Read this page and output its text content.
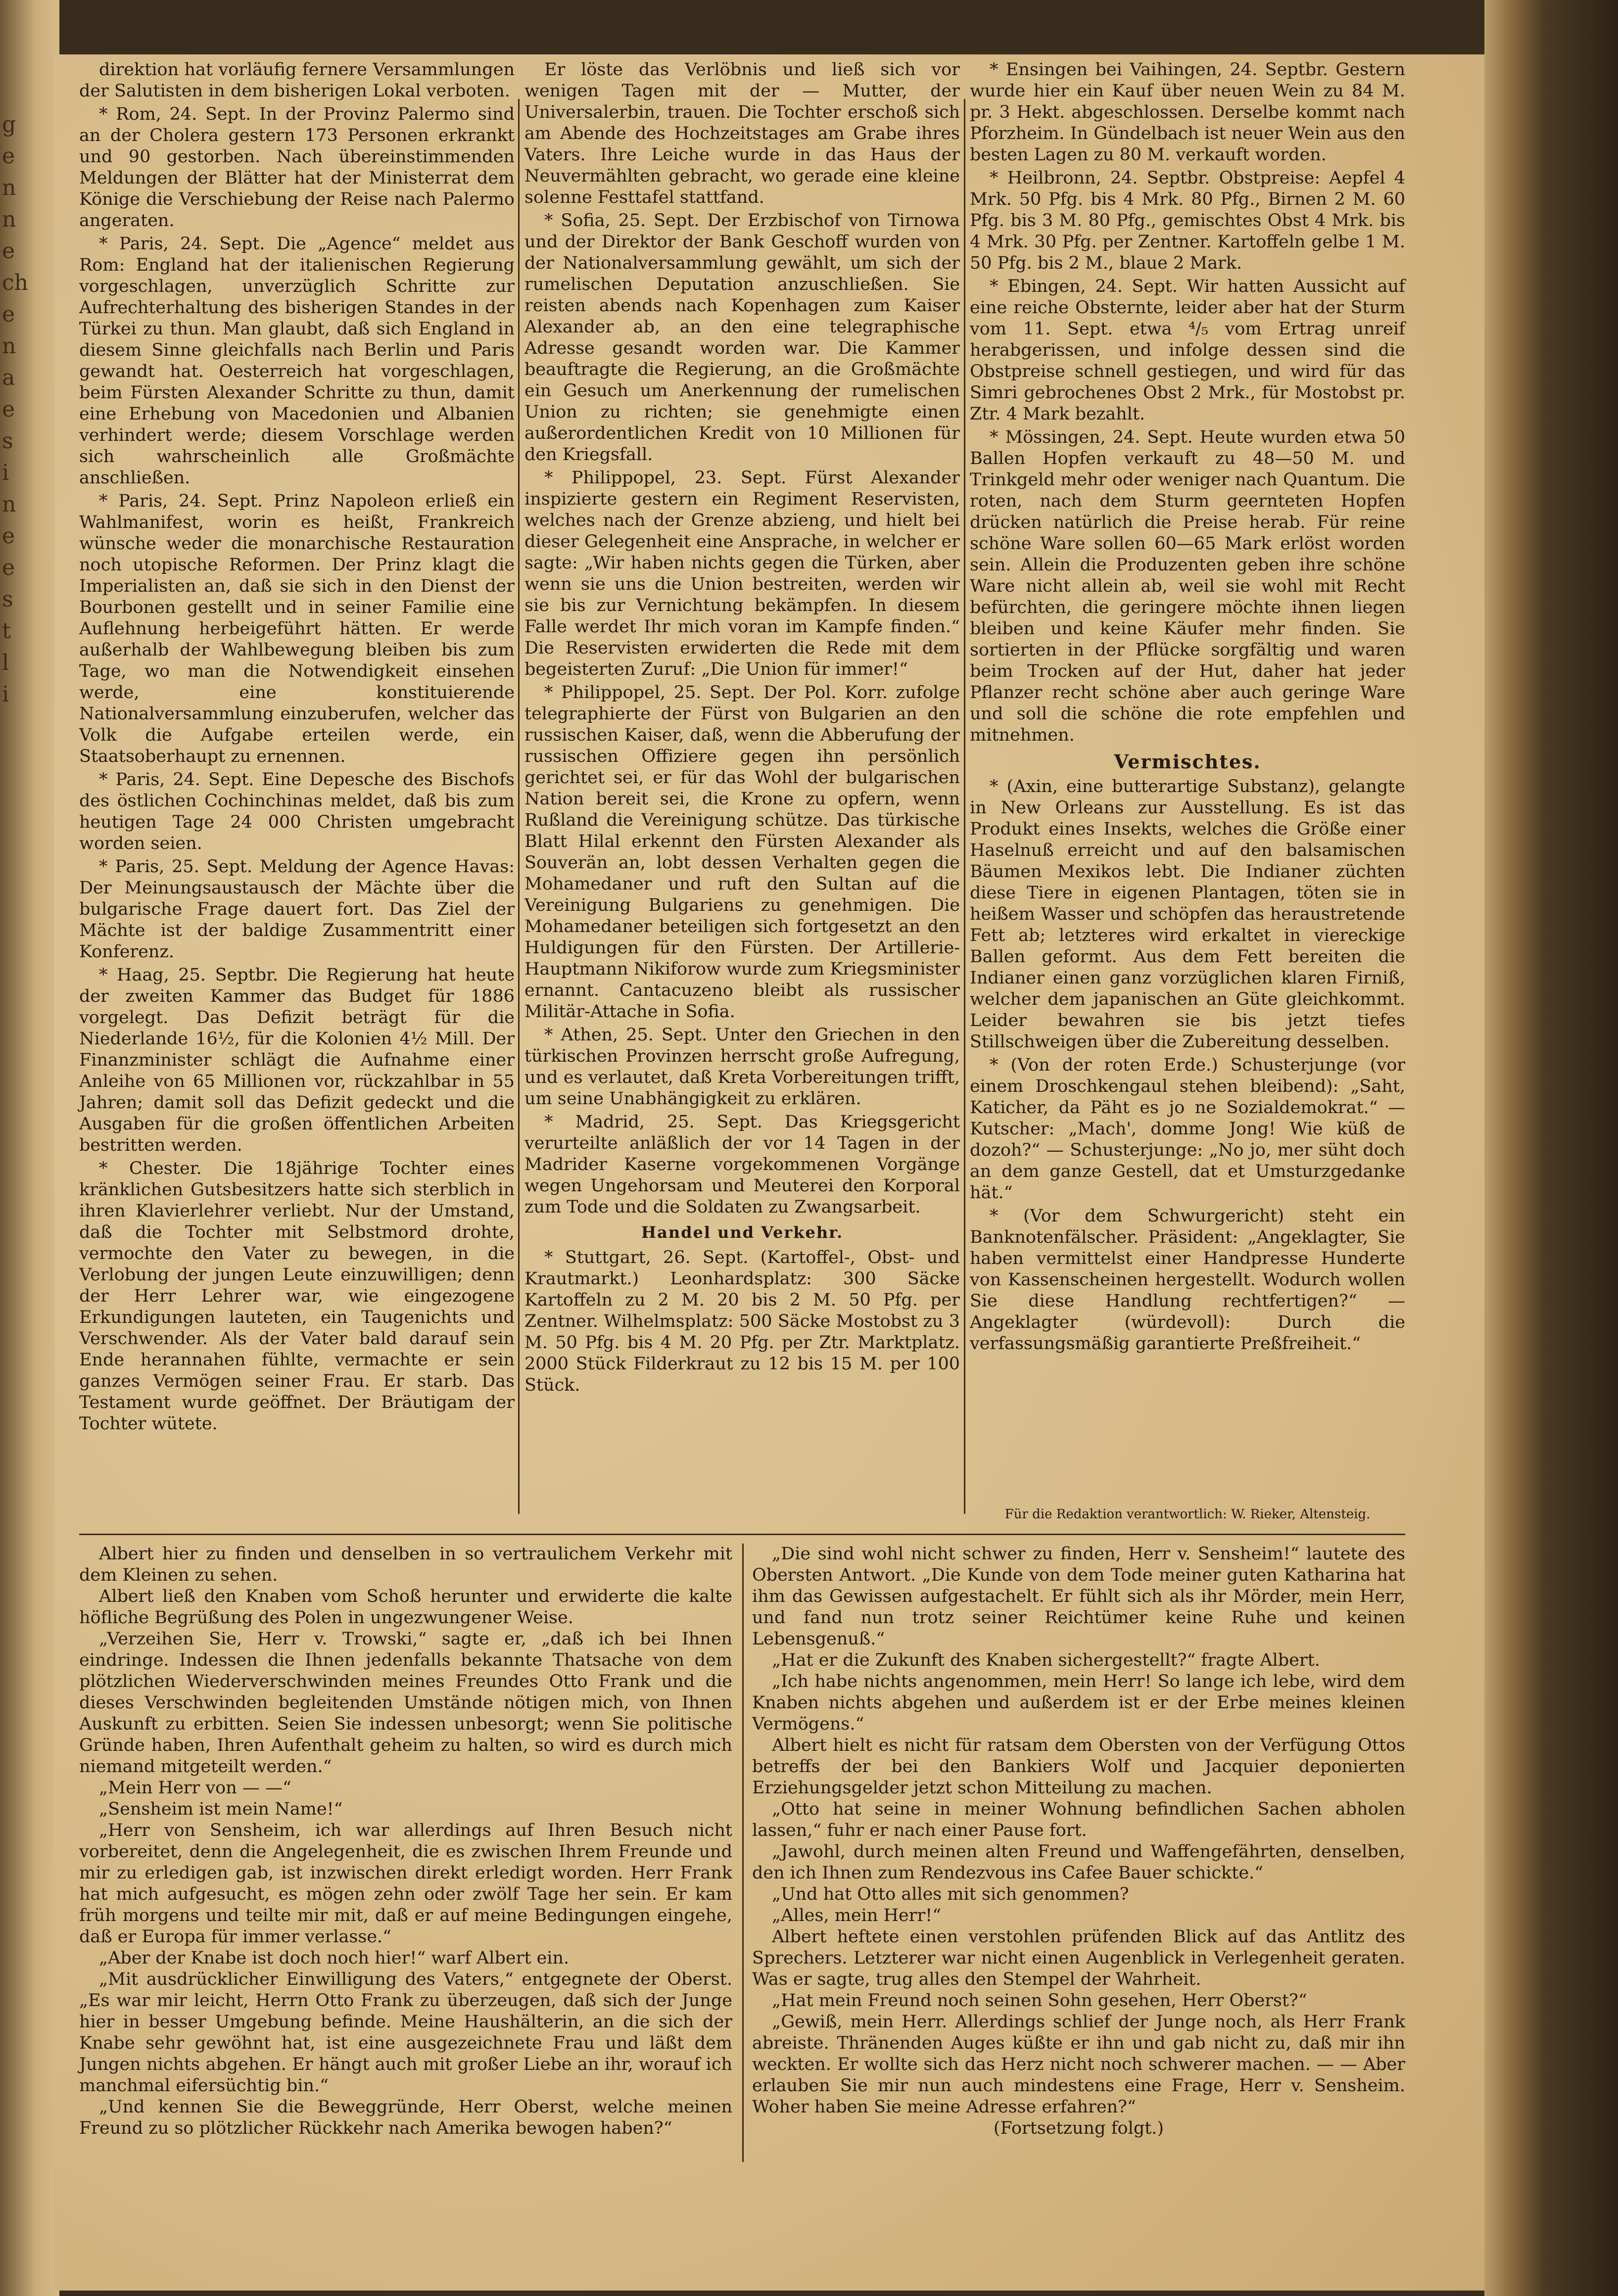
g
e
n
n
e
ch
e
n
a
e
s
i
n
e
e
s
t
l
i

direktion hat vorläufig fernere Versammlungen der Salutisten in dem bisherigen Lokal verboten.

* Rom, 24. Sept. In der Provinz Palermo sind an der Cholera gestern 173 Personen erkrankt und 90 gestorben. Nach übereinstimmenden Meldungen der Blätter hat der Ministerrat dem Könige die Verschiebung der Reise nach Palermo angeraten.

* Paris, 24. Sept. Die „Agence“ meldet aus Rom: England hat der italienischen Regierung vorgeschlagen, unverzüglich Schritte zur Aufrechterhaltung des bisherigen Standes in der Türkei zu thun. Man glaubt, daß sich England in diesem Sinne gleichfalls nach Berlin und Paris gewandt hat. Oesterreich hat vorgeschlagen, beim Fürsten Alexander Schritte zu thun, damit eine Erhebung von Macedonien und Albanien verhindert werde; diesem Vorschlage werden sich wahrscheinlich alle Großmächte anschließen.

* Paris, 24. Sept. Prinz Napoleon erließ ein Wahlmanifest, worin es heißt, Frankreich wünsche weder die monarchische Restauration noch utopische Reformen. Der Prinz klagt die Imperialisten an, daß sie sich in den Dienst der Bourbonen gestellt und in seiner Familie eine Auflehnung herbeigeführt hätten. Er werde außerhalb der Wahlbewegung bleiben bis zum Tage, wo man die Notwendigkeit einsehen werde, eine konstituierende Nationalversammlung einzuberufen, welcher das Volk die Aufgabe erteilen werde, ein Staatsoberhaupt zu ernennen.

* Paris, 24. Sept. Eine Depesche des Bischofs des östlichen Cochinchinas meldet, daß bis zum heutigen Tage 24 000 Christen umgebracht worden seien.

* Paris, 25. Sept. Meldung der Agence Havas: Der Meinungsaustausch der Mächte über die bulgarische Frage dauert fort. Das Ziel der Mächte ist der baldige Zusammentritt einer Konferenz.

* Haag, 25. Septbr. Die Regierung hat heute der zweiten Kammer das Budget für 1886 vorgelegt. Das Defizit beträgt für die Niederlande 16½, für die Kolonien 4½ Mill. Der Finanzminister schlägt die Aufnahme einer Anleihe von 65 Millionen vor, rückzahlbar in 55 Jahren; damit soll das Defizit gedeckt und die Ausgaben für die großen öffentlichen Arbeiten bestritten werden.

* Chester. Die 18jährige Tochter eines kränklichen Gutsbesitzers hatte sich sterblich in ihren Klavierlehrer verliebt. Nur der Umstand, daß die Tochter mit Selbstmord drohte, vermochte den Vater zu bewegen, in die Verlobung der jungen Leute einzuwilligen; denn der Herr Lehrer war, wie eingezogene Erkundigungen lauteten, ein Taugenichts und Verschwender. Als der Vater bald darauf sein Ende herannahen fühlte, vermachte er sein ganzes Vermögen seiner Frau. Er starb. Das Testament wurde geöffnet. Der Bräutigam der Tochter wütete.

Er löste das Verlöbnis und ließ sich vor wenigen Tagen mit der — Mutter, der Universalerbin, trauen. Die Tochter erschoß sich am Abende des Hochzeitstages am Grabe ihres Vaters. Ihre Leiche wurde in das Haus der Neuvermählten gebracht, wo gerade eine kleine solenne Festtafel stattfand.

* Sofia, 25. Sept. Der Erzbischof von Tirnowa und der Direktor der Bank Geschoff wurden von der Nationalversammlung gewählt, um sich der rumelischen Deputation anzuschließen. Sie reisten abends nach Kopenhagen zum Kaiser Alexander ab, an den eine telegraphische Adresse gesandt worden war. Die Kammer beauftragte die Regierung, an die Großmächte ein Gesuch um Anerkennung der rumelischen Union zu richten; sie genehmigte einen außerordentlichen Kredit von 10 Millionen für den Kriegsfall.

* Philippopel, 23. Sept. Fürst Alexander inspizierte gestern ein Regiment Reservisten, welches nach der Grenze abzieng, und hielt bei dieser Gelegenheit eine Ansprache, in welcher er sagte: „Wir haben nichts gegen die Türken, aber wenn sie uns die Union bestreiten, werden wir sie bis zur Vernichtung bekämpfen. In diesem Falle werdet Ihr mich voran im Kampfe finden.“ Die Reservisten erwiderten die Rede mit dem begeisterten Zuruf: „Die Union für immer!“

* Philippopel, 25. Sept. Der Pol. Korr. zufolge telegraphierte der Fürst von Bulgarien an den russischen Kaiser, daß, wenn die Abberufung der russischen Offiziere gegen ihn persönlich gerichtet sei, er für das Wohl der bulgarischen Nation bereit sei, die Krone zu opfern, wenn Rußland die Vereinigung schütze. Das türkische Blatt Hilal erkennt den Fürsten Alexander als Souverän an, lobt dessen Verhalten gegen die Mohamedaner und ruft den Sultan auf die Vereinigung Bulgariens zu genehmigen. Die Mohamedaner beteiligen sich fortgesetzt an den Huldigungen für den Fürsten. Der Artillerie-Hauptmann Nikiforow wurde zum Kriegsminister ernannt. Cantacuzeno bleibt als russischer Militär-Attache in Sofia.

* Athen, 25. Sept. Unter den Griechen in den türkischen Provinzen herrscht große Aufregung, und es verlautet, daß Kreta Vorbereitungen trifft, um seine Unabhängigkeit zu erklären.

* Madrid, 25. Sept. Das Kriegsgericht verurteilte anläßlich der vor 14 Tagen in der Madrider Kaserne vorgekommenen Vorgänge wegen Ungehorsam und Meuterei den Korporal zum Tode und die Soldaten zu Zwangsarbeit.

Handel und Verkehr.

* Stuttgart, 26. Sept. (Kartoffel-, Obst- und Krautmarkt.) Leonhardsplatz: 300 Säcke Kartoffeln zu 2 M. 20 bis 2 M. 50 Pfg. per Zentner. Wilhelmsplatz: 500 Säcke Mostobst zu 3 M. 50 Pfg. bis 4 M. 20 Pfg. per Ztr. Marktplatz. 2000 Stück Filderkraut zu 12 bis 15 M. per 100 Stück.

* Ensingen bei Vaihingen, 24. Septbr. Gestern wurde hier ein Kauf über neuen Wein zu 84 M. pr. 3 Hekt. abgeschlossen. Derselbe kommt nach Pforzheim. In Gündelbach ist neuer Wein aus den besten Lagen zu 80 M. verkauft worden.

* Heilbronn, 24. Septbr. Obstpreise: Aepfel 4 Mrk. 50 Pfg. bis 4 Mrk. 80 Pfg., Birnen 2 M. 60 Pfg. bis 3 M. 80 Pfg., gemischtes Obst 4 Mrk. bis 4 Mrk. 30 Pfg. per Zentner. Kartoffeln gelbe 1 M. 50 Pfg. bis 2 M., blaue 2 Mark.

* Ebingen, 24. Sept. Wir hatten Aussicht auf eine reiche Obsternte, leider aber hat der Sturm vom 11. Sept. etwa ⁴/₅ vom Ertrag unreif herabgerissen, und infolge dessen sind die Obstpreise schnell gestiegen, und wird für das Simri gebrochenes Obst 2 Mrk., für Mostobst pr. Ztr. 4 Mark bezahlt.

* Mössingen, 24. Sept. Heute wurden etwa 50 Ballen Hopfen verkauft zu 48—50 M. und Trinkgeld mehr oder weniger nach Quantum. Die roten, nach dem Sturm geernteten Hopfen drücken natürlich die Preise herab. Für reine schöne Ware sollen 60—65 Mark erlöst worden sein. Allein die Produzenten geben ihre schöne Ware nicht allein ab, weil sie wohl mit Recht befürchten, die geringere möchte ihnen liegen bleiben und keine Käufer mehr finden. Sie sortierten in der Pflücke sorgfältig und waren beim Trocken auf der Hut, daher hat jeder Pflanzer recht schöne aber auch geringe Ware und soll die schöne die rote empfehlen und mitnehmen.

Vermischtes.

* (Axin, eine butterartige Substanz), gelangte in New Orleans zur Ausstellung. Es ist das Produkt eines Insekts, welches die Größe einer Haselnuß erreicht und auf den balsamischen Bäumen Mexikos lebt. Die Indianer züchten diese Tiere in eigenen Plantagen, töten sie in heißem Wasser und schöpfen das heraustretende Fett ab; letzteres wird erkaltet in viereckige Ballen geformt. Aus dem Fett bereiten die Indianer einen ganz vorzüglichen klaren Firniß, welcher dem japanischen an Güte gleichkommt. Leider bewahren sie bis jetzt tiefes Stillschweigen über die Zubereitung desselben.

* (Von der roten Erde.) Schusterjunge (vor einem Droschkengaul stehen bleibend): „Saht, Katicher, da Päht es jo ne Sozialdemokrat.“ — Kutscher: „Mach', domme Jong! Wie küß de dozoh?“ — Schusterjunge: „No jo, mer süht doch an dem ganze Gestell, dat et Umsturzgedanke hät.“

* (Vor dem Schwurgericht) steht ein Banknotenfälscher. Präsident: „Angeklagter, Sie haben vermittelst einer Handpresse Hunderte von Kassenscheinen hergestellt. Wodurch wollen Sie diese Handlung rechtfertigen?“ — Angeklagter (würdevoll): Durch die verfassungsmäßig garantierte Preßfreiheit.“

Für die Redaktion verantwortlich: W. Rieker, Altensteig.

Albert hier zu finden und denselben in so vertraulichem Verkehr mit dem Kleinen zu sehen.

Albert ließ den Knaben vom Schoß herunter und erwiderte die kalte höfliche Begrüßung des Polen in ungezwungener Weise.

„Verzeihen Sie, Herr v. Trowski,“ sagte er, „daß ich bei Ihnen eindringe. Indessen die Ihnen jedenfalls bekannte Thatsache von dem plötzlichen Wiederverschwinden meines Freundes Otto Frank und die dieses Verschwinden begleitenden Umstände nötigen mich, von Ihnen Auskunft zu erbitten. Seien Sie indessen unbesorgt; wenn Sie politische Gründe haben, Ihren Aufenthalt geheim zu halten, so wird es durch mich niemand mitgeteilt werden.“

„Mein Herr von — —“

„Sensheim ist mein Name!“

„Herr von Sensheim, ich war allerdings auf Ihren Besuch nicht vorbereitet, denn die Angelegenheit, die es zwischen Ihrem Freunde und mir zu erledigen gab, ist inzwischen direkt erledigt worden. Herr Frank hat mich aufgesucht, es mögen zehn oder zwölf Tage her sein. Er kam früh morgens und teilte mir mit, daß er auf meine Bedingungen eingehe, daß er Europa für immer verlasse.“

„Aber der Knabe ist doch noch hier!“ warf Albert ein.

„Mit ausdrücklicher Einwilligung des Vaters,“ entgegnete der Oberst. „Es war mir leicht, Herrn Otto Frank zu überzeugen, daß sich der Junge hier in besser Umgebung befinde. Meine Haushälterin, an die sich der Knabe sehr gewöhnt hat, ist eine ausgezeichnete Frau und läßt dem Jungen nichts abgehen. Er hängt auch mit großer Liebe an ihr, worauf ich manchmal eifersüchtig bin.“

„Und kennen Sie die Beweggründe, Herr Oberst, welche meinen Freund zu so plötzlicher Rückkehr nach Amerika bewogen haben?“

„Die sind wohl nicht schwer zu finden, Herr v. Sensheim!“ lautete des Obersten Antwort. „Die Kunde von dem Tode meiner guten Katharina hat ihm das Gewissen aufgestachelt. Er fühlt sich als ihr Mörder, mein Herr, und fand nun trotz seiner Reichtümer keine Ruhe und keinen Lebensgenuß.“

„Hat er die Zukunft des Knaben sichergestellt?“ fragte Albert.

„Ich habe nichts angenommen, mein Herr! So lange ich lebe, wird dem Knaben nichts abgehen und außerdem ist er der Erbe meines kleinen Vermögens.“

Albert hielt es nicht für ratsam dem Obersten von der Verfügung Ottos betreffs der bei den Bankiers Wolf und Jacquier deponierten Erziehungsgelder jetzt schon Mitteilung zu machen.

„Otto hat seine in meiner Wohnung befindlichen Sachen abholen lassen,“ fuhr er nach einer Pause fort.

„Jawohl, durch meinen alten Freund und Waffengefährten, denselben, den ich Ihnen zum Rendezvous ins Cafee Bauer schickte.“

„Und hat Otto alles mit sich genommen?

„Alles, mein Herr!“

Albert heftete einen verstohlen prüfenden Blick auf das Antlitz des Sprechers. Letzterer war nicht einen Augenblick in Verlegenheit geraten. Was er sagte, trug alles den Stempel der Wahrheit.

„Hat mein Freund noch seinen Sohn gesehen, Herr Oberst?“

„Gewiß, mein Herr. Allerdings schlief der Junge noch, als Herr Frank abreiste. Thränenden Auges küßte er ihn und gab nicht zu, daß mir ihn weckten. Er wollte sich das Herz nicht noch schwerer machen. — — Aber erlauben Sie mir nun auch mindestens eine Frage, Herr v. Sensheim. Woher haben Sie meine Adresse erfahren?“

(Fortsetzung folgt.)
